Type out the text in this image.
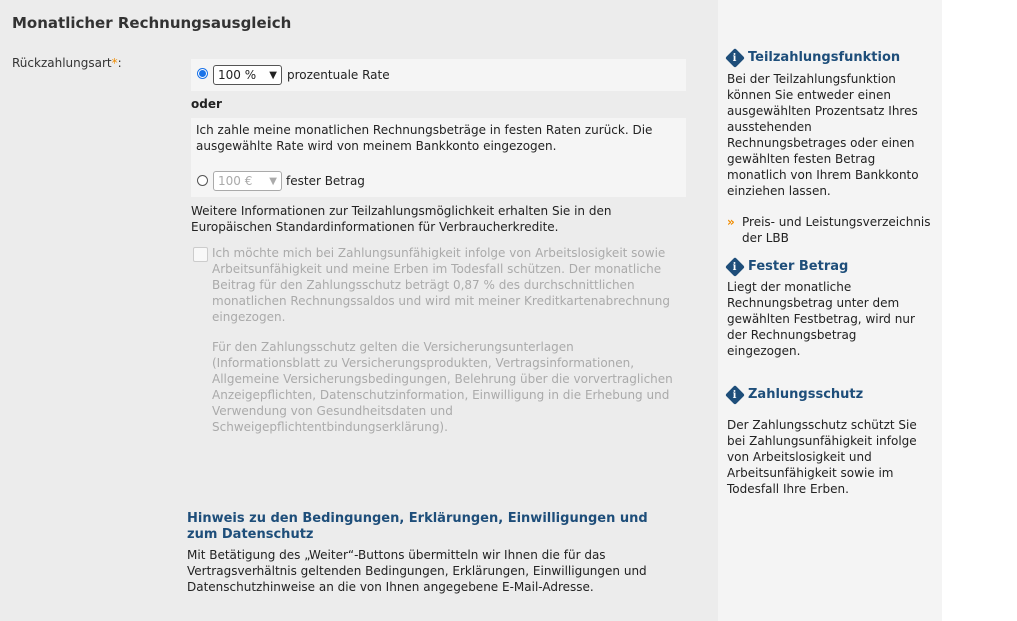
Monatlicher Rechnungsausgleich
Rückzahlungsart*:
100 % ▼ prozentuale Rate
oder
Ich zahle meine monatlichen Rechnungsbeträge in festen Raten zurück. Die ausgewählte Rate wird von meinem Bankkonto eingezogen.
100 € ▼ fester Betrag
Weitere Informationen zur Teilzahlungsmöglichkeit erhalten Sie in den Europäischen Standardinformationen für Verbraucherkredite.
Ich möchte mich bei Zahlungsunfähigkeit infolge von Arbeitslosigkeit sowie Arbeitsunfähigkeit und meine Erben im Todesfall schützen. Der monatliche Beitrag für den Zahlungsschutz beträgt 0,87 % des durchschnittlichen monatlichen Rechnungssaldos und wird mit meiner Kreditkartenabrechnung eingezogen.
Für den Zahlungsschutz gelten die Versicherungsunterlagen (Informationsblatt zu Versicherungsprodukten, Vertragsinformationen, Allgemeine Versicherungsbedingungen, Belehrung über die vorvertraglichen Anzeigepflichten, Datenschutzinformation, Einwilligung in die Erhebung und Verwendung von Gesundheitsdaten und Schweigepflichtentbindungserklärung).
Hinweis zu den Bedingungen, Erklärungen, Einwilligungen und zum Datenschutz
Mit Betätigung des „Weiter“-Buttons übermitteln wir Ihnen die für das Vertragsverhältnis geltenden Bedingungen, Erklärungen, Einwilligungen und Datenschutzhinweise an die von Ihnen angegebene E-Mail-Adresse.
i Teilzahlungsfunktion
Bei der Teilzahlungsfunktion können Sie entweder einen ausgewählten Prozentsatz Ihres ausstehenden Rechnungsbetrages oder einen gewählten festen Betrag monatlich von Ihrem Bankkonto einziehen lassen.
» Preis- und Leistungsverzeichnis der LBB
i Fester Betrag
Liegt der monatliche Rechnungsbetrag unter dem gewählten Festbetrag, wird nur der Rechnungsbetrag eingezogen.
i Zahlungsschutz
Der Zahlungsschutz schützt Sie bei Zahlungsunfähigkeit infolge von Arbeitslosigkeit und Arbeitsunfähigkeit sowie im Todesfall Ihre Erben.
